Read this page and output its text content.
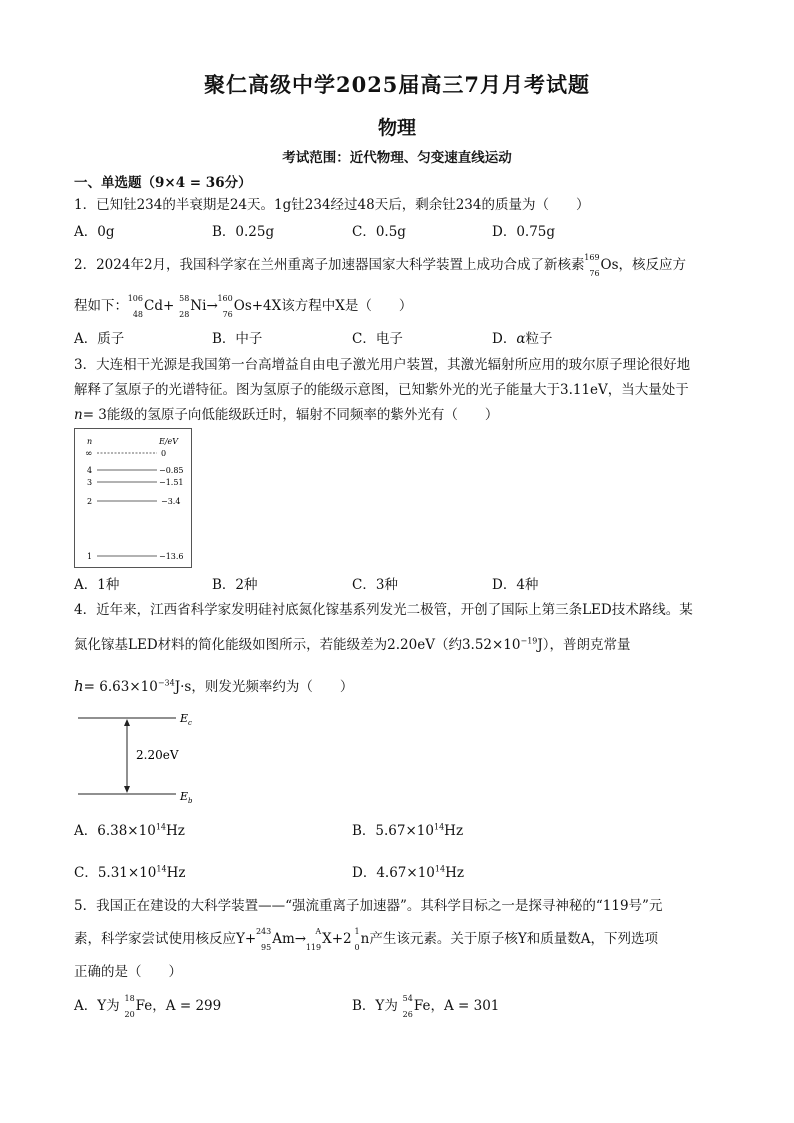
聚仁高级中学2025届高三7月月考试题
物理
考试范围：近代物理、匀变速直线运动
一、单选题（9×4 = 36分）
1．已知钍234的半衰期是24天。1g钍234经过48天后，剩余钍234的质量为（　　）
A．0g	B．0.25g	C．0.5g	D．0.75g
2．2024年2月，我国科学家在兰州重离子加速器国家大科学装置上成功合成了新核素 169
76 Os，核反应方
程如下： 106
48 Cd+ 58
28 Ni→ 160
76 Os+4X该方程中X是（　　）
A．质子	B．中子	C．电子	D．α粒子
3．大连相干光源是我国第一台高增益自由电子激光用户装置，其激光辐射所应用的玻尔原子理论很好地
解释了氢原子的光谱特征。图为氢原子的能级示意图，已知紫外光的光子能量大于3.11eV，当大量处于
n= 3能级的氢原子向低能级跃迁时，辐射不同频率的紫外光有（　　）
n	E/eV
∞	0
4	−0.85
3	−1.51
2	−3.4
1	−13.6
A．1种	B．2种	C．3种	D．4种
4．近年来，江西省科学家发明硅衬底氮化镓基系列发光二极管，开创了国际上第三条LED技术路线。某
氮化镓基LED材料的简化能级如图所示，若能级差为2.20eV（约$3.52\times 10^{-19}J$），普朗克常量
$h= 6.63\times 10^{-34}J\cdot s$，则发光频率约为（　　）
$E_c$
$E_b$
2.20eV
A．$6.38\times 10^{14}Hz$	B．$5.67\times 10^{14}Hz$
C．$5.31\times 10^{14}Hz$	D．$4.67\times 10^{14}Hz$
5．我国正在建设的大科学装置——“强流重离子加速器”。其科学目标之一是探寻神秘的“119号”元
素，科学家尝试使用核反应Y+ 243
95 Am→ A
119 X+2 1
0 n产生该元素。关于原子核Y和质量数A，下列选项
正确的是（　　）
A．Y为 18
20 Fe，A = 299	B．Y为 54
26 Fe，A = 301
